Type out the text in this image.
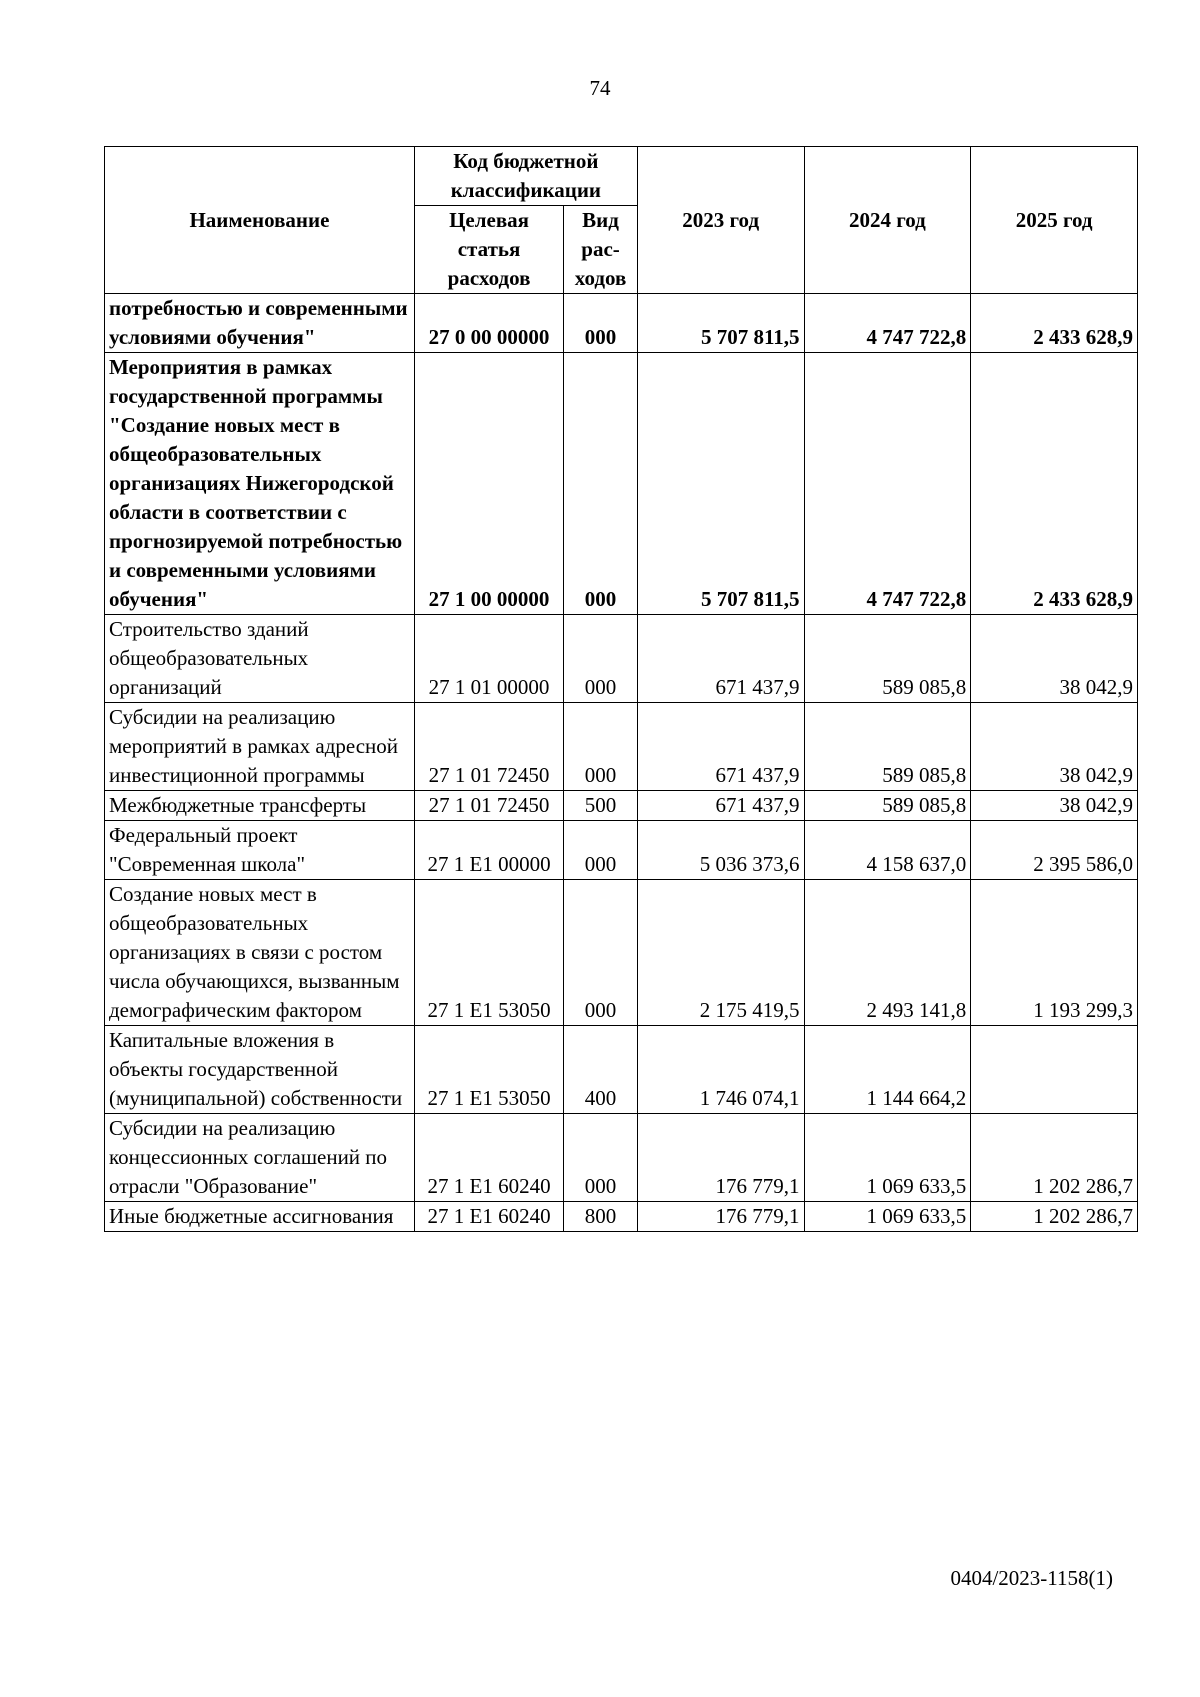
74
Наименование	Код бюджетной классификации		2023 год	2024 год	2025 год
	Целевая статья расходов	Вид рас-ходов			
потребностью и современными условиями обучения"	27 0 00 00000	000	5 707 811,5	4 747 722,8	2 433 628,9
Мероприятия в рамках государственной программы "Создание новых мест в общеобразовательных организациях Нижегородской области в соответствии с прогнозируемой потребностью и современными условиями обучения"	27 1 00 00000	000	5 707 811,5	4 747 722,8	2 433 628,9
Строительство зданий общеобразовательных организаций	27 1 01 00000	000	671 437,9	589 085,8	38 042,9
Субсидии на реализацию мероприятий в рамках адресной инвестиционной программы	27 1 01 72450	000	671 437,9	589 085,8	38 042,9
Межбюджетные трансферты	27 1 01 72450	500	671 437,9	589 085,8	38 042,9
Федеральный проект "Современная школа"	27 1 E1 00000	000	5 036 373,6	4 158 637,0	2 395 586,0
Создание новых мест в общеобразовательных организациях в связи с ростом числа обучающихся, вызванным демографическим фактором	27 1 E1 53050	000	2 175 419,5	2 493 141,8	1 193 299,3
Капитальные вложения в объекты государственной (муниципальной) собственности	27 1 E1 53050	400	1 746 074,1	1 144 664,2	
Субсидии на реализацию концессионных соглашений по отрасли "Образование"	27 1 E1 60240	000	176 779,1	1 069 633,5	1 202 286,7
Иные бюджетные ассигнования	27 1 E1 60240	800	176 779,1	1 069 633,5	1 202 286,7
0404/2023-1158(1)
